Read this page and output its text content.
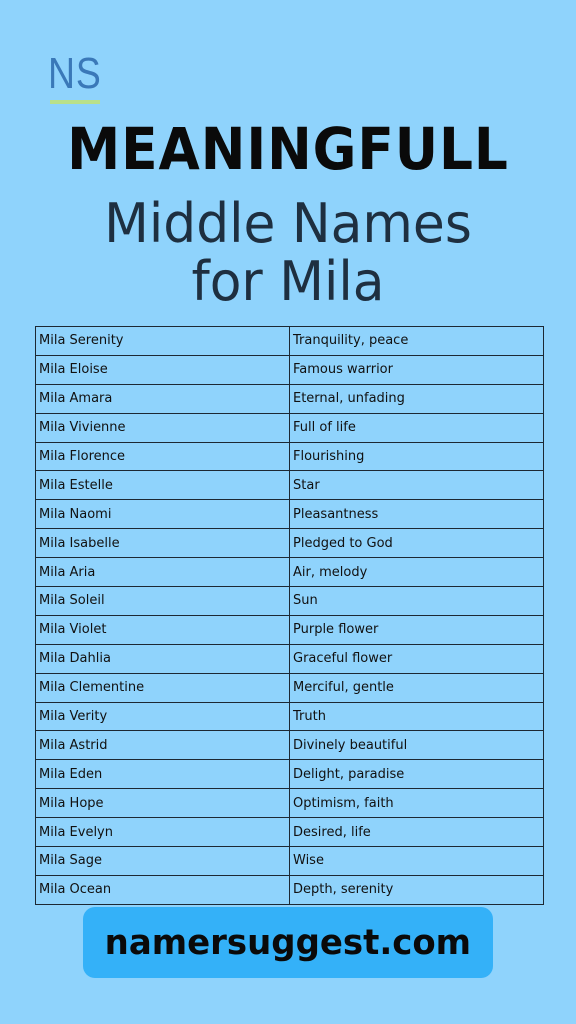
NS
MEANINGFULL
Middle Names
for Mila
Mila Serenity	Tranquility, peace
Mila Eloise	Famous warrior
Mila Amara	Eternal, unfading
Mila Vivienne	Full of life
Mila Florence	Flourishing
Mila Estelle	Star
Mila Naomi	Pleasantness
Mila Isabelle	Pledged to God
Mila Aria	Air, melody
Mila Soleil	Sun
Mila Violet	Purple flower
Mila Dahlia	Graceful flower
Mila Clementine	Merciful, gentle
Mila Verity	Truth
Mila Astrid	Divinely beautiful
Mila Eden	Delight, paradise
Mila Hope	Optimism, faith
Mila Evelyn	Desired, life
Mila Sage	Wise
Mila Ocean	Depth, serenity
namersuggest.com
